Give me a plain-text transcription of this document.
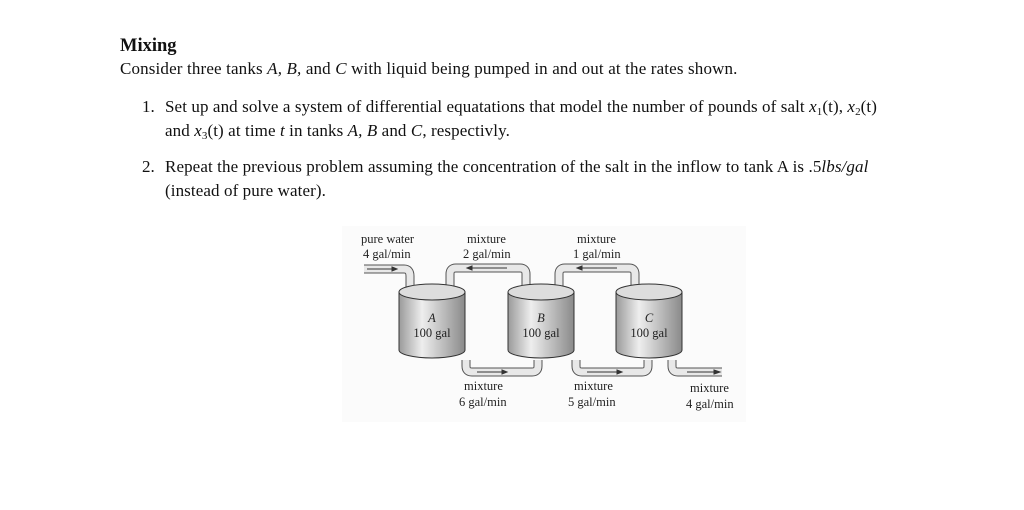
Mixing
Consider three tanks A, B, and C with liquid being pumped in and out at the rates shown.
1. Set up and solve a system of differential equatations that model the number of pounds of salt $x_1(t)$, $x_2(t)$
and $x_3(t)$ at time t in tanks A, B and C, respectivly.
2. Repeat the previous problem assuming the concentration of the salt in the inflow to tank A is .5lbs/gal
(instead of pure water).
A
100 gal
B
100 gal
C
100 gal
pure water
4 gal/min
mixture
2 gal/min
mixture
1 gal/min
mixture
6 gal/min
mixture
5 gal/min
mixture
4 gal/min
